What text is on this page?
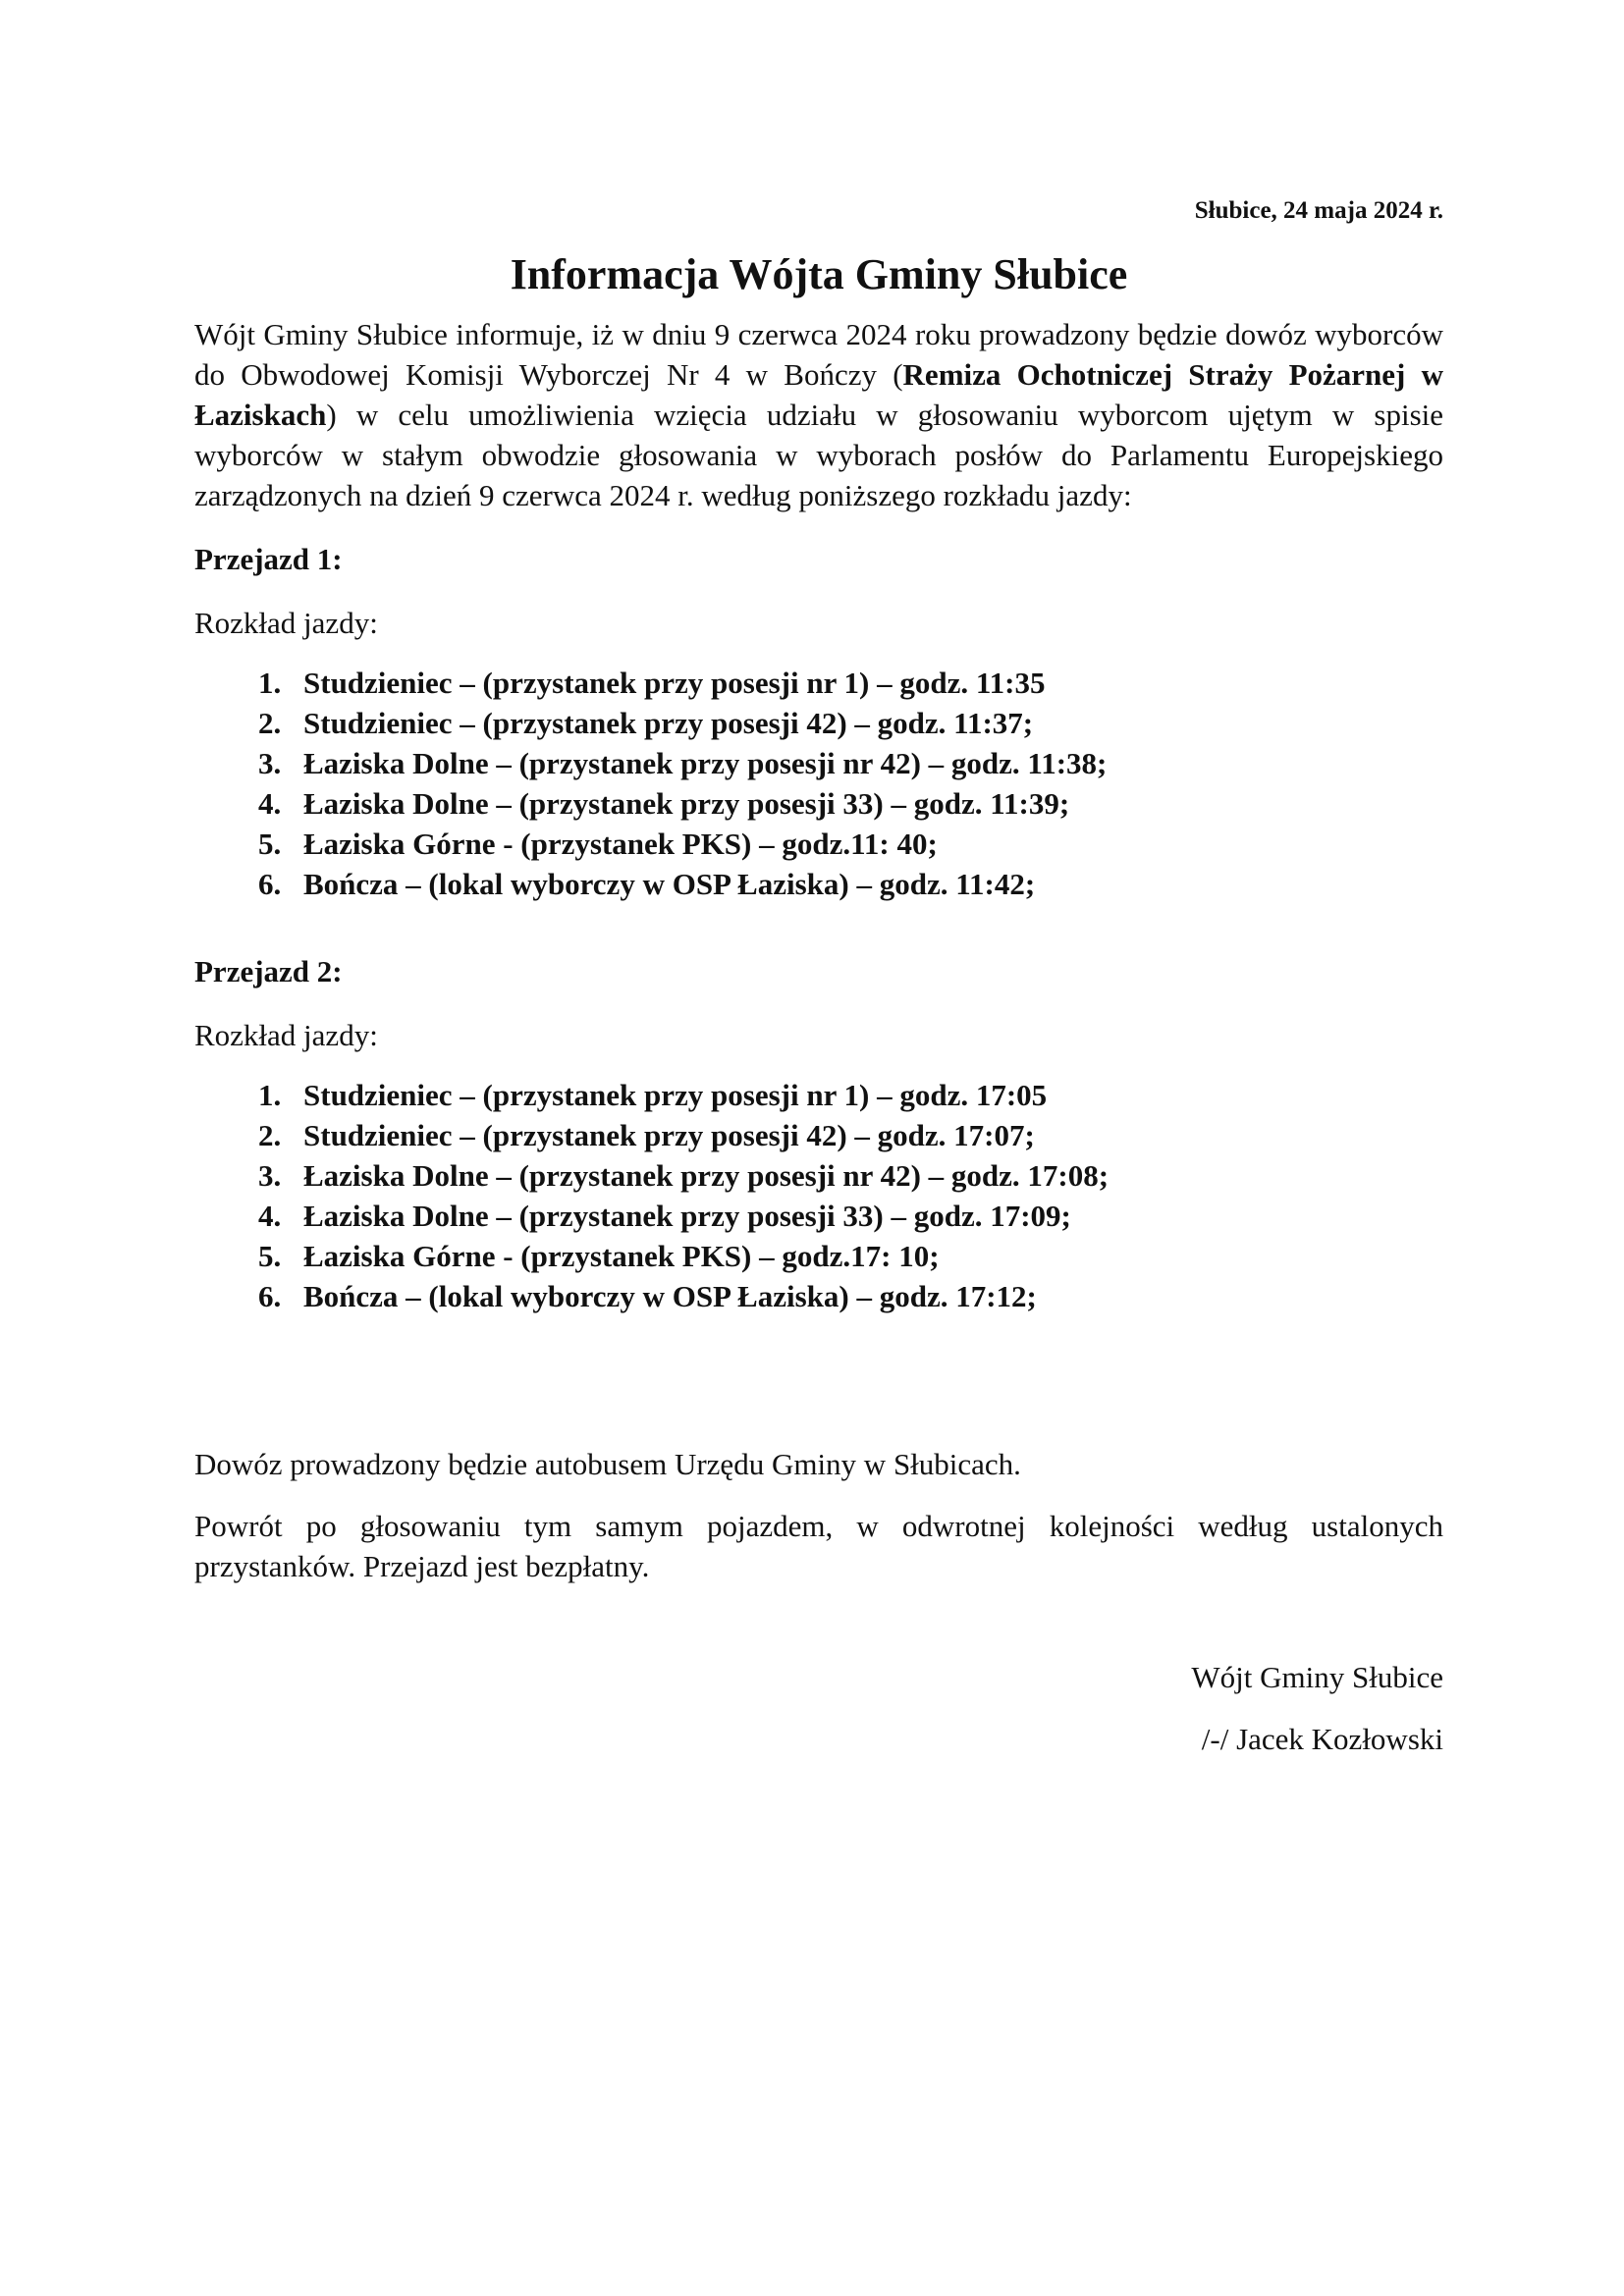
Słubice, 24 maja 2024 r.

Informacja Wójta Gminy Słubice

Wójt Gminy Słubice informuje, iż w dniu 9 czerwca 2024 roku prowadzony będzie dowóz wyborców do Obwodowej Komisji Wyborczej Nr 4 w Bończy (Remiza Ochotniczej Straży Pożarnej w Łaziskach) w celu umożliwienia wzięcia udziału w głosowaniu wyborcom ujętym w spisie wyborców w stałym obwodzie głosowania w wyborach posłów do Parlamentu Europejskiego zarządzonych na dzień 9 czerwca 2024 r. według poniższego rozkładu jazdy:

Przejazd 1:

Rozkład jazdy:

1. Studzieniec – (przystanek przy posesji nr 1) – godz. 11:35
2. Studzieniec – (przystanek przy posesji 42) – godz. 11:37;
3. Łaziska Dolne – (przystanek przy posesji nr 42) – godz. 11:38;
4. Łaziska Dolne – (przystanek przy posesji 33) – godz. 11:39;
5. Łaziska Górne - (przystanek PKS) – godz.11: 40;
6. Bończa – (lokal wyborczy w OSP Łaziska) – godz. 11:42;

Przejazd 2:

Rozkład jazdy:

1. Studzieniec – (przystanek przy posesji nr 1) – godz. 17:05
2. Studzieniec – (przystanek przy posesji 42) – godz. 17:07;
3. Łaziska Dolne – (przystanek przy posesji nr 42) – godz. 17:08;
4. Łaziska Dolne – (przystanek przy posesji 33) – godz. 17:09;
5. Łaziska Górne - (przystanek PKS) – godz.17: 10;
6. Bończa – (lokal wyborczy w OSP Łaziska) – godz. 17:12;

Dowóz prowadzony będzie autobusem Urzędu Gminy w Słubicach.

Powrót po głosowaniu tym samym pojazdem, w odwrotnej kolejności według ustalonych przystanków. Przejazd jest bezpłatny.

Wójt Gminy Słubice
/-/ Jacek Kozłowski
